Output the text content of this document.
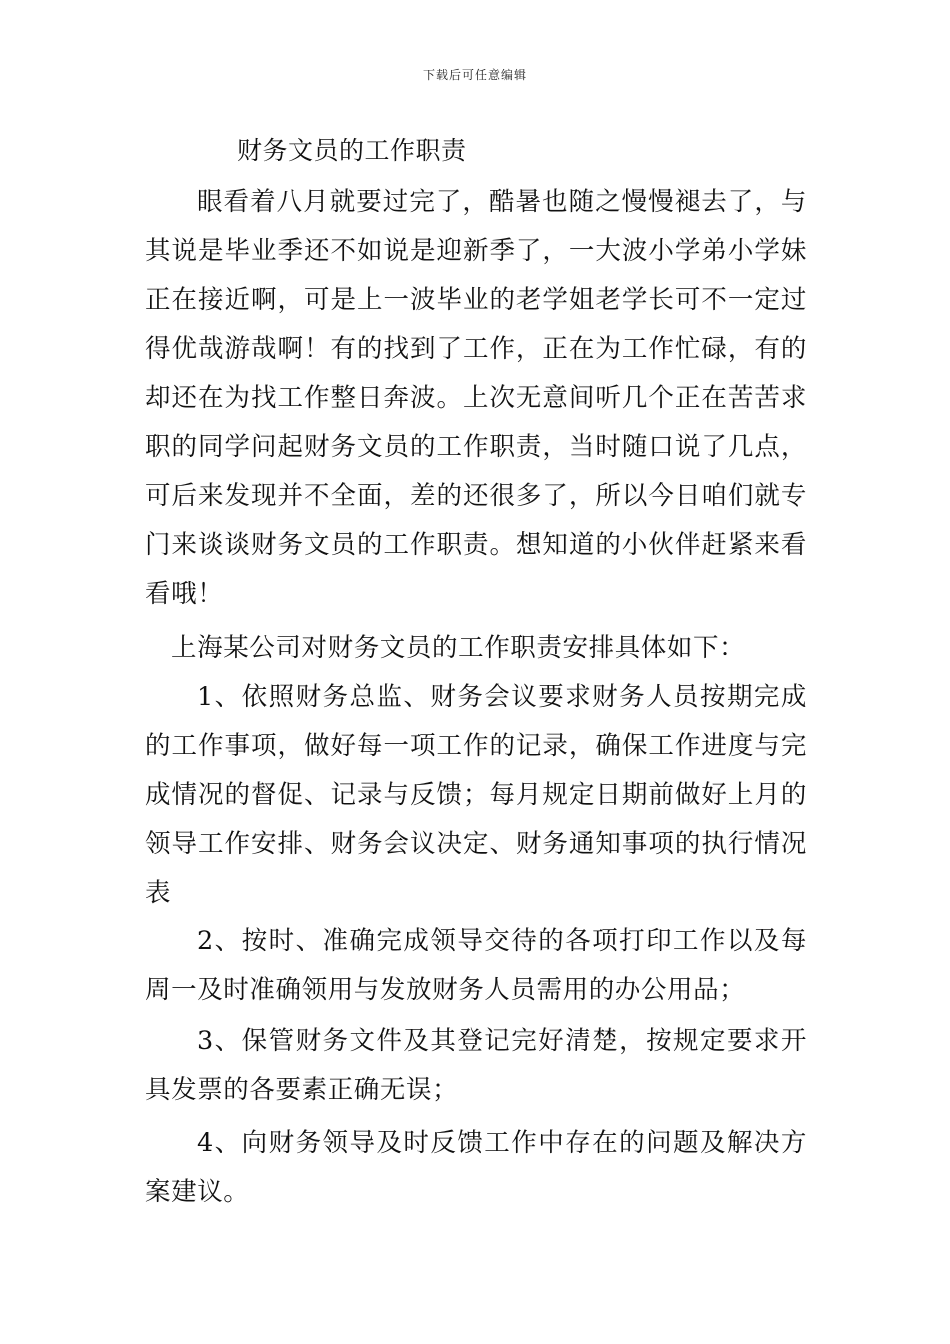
下载后可任意编辑
财务文员的工作职责

眼看着八月就要过完了，酷暑也随之慢慢褪去了，与其说是毕业季还不如说是迎新季了，一大波小学弟小学妹正在接近啊，可是上一波毕业的老学姐老学长可不一定过得优哉游哉啊！有的找到了工作，正在为工作忙碌，有的却还在为找工作整日奔波。上次无意间听几个正在苦苦求职的同学问起财务文员的工作职责，当时随口说了几点，可后来发现并不全面，差的还很多了，所以今日咱们就专门来谈谈财务文员的工作职责。想知道的小伙伴赶紧来看看哦！

上海某公司对财务文员的工作职责安排具体如下：

1、依照财务总监、财务会议要求财务人员按期完成的工作事项，做好每一项工作的记录，确保工作进度与完成情况的督促、记录与反馈；每月规定日期前做好上月的领导工作安排、财务会议决定、财务通知事项的执行情况表

2、按时、准确完成领导交待的各项打印工作以及每周一及时准确领用与发放财务人员需用的办公用品；

3、保管财务文件及其登记完好清楚，按规定要求开具发票的各要素正确无误；

4、向财务领导及时反馈工作中存在的问题及解决方案建议。
